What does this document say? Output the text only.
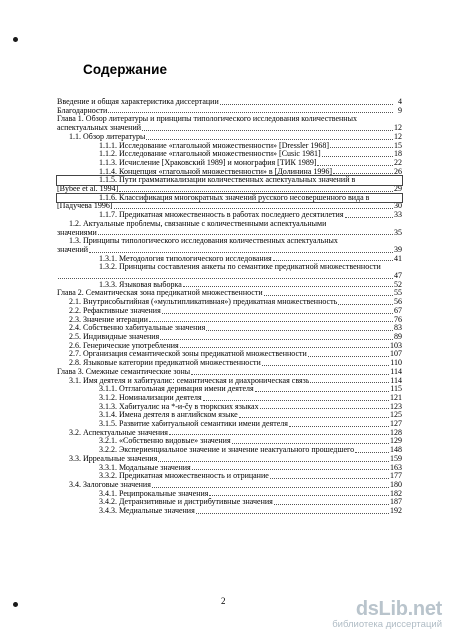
Содержание
Введение и общая характеристика диссертации	4
Благодарности	9
Глава 1. Обзор литературы и принципы типологического исследования количественных
аспектуальных значений	12
1.1. Обзор литературы	12
1.1.1. Исследование «глагольной множественности» [Dressler 1968]	15
1.1.2. Исследование «глагольной множественности» [Cusic 1981]	18
1.1.3. Исчисление [Храковский 1989] и монография [ТИК 1989]	22
1.1.4. Концепция «глагольной множественности» в [Долинина 1996]	26
1.1.5. Пути грамматикализации количественных аспектуальных значений в
[Bybee et al. 1994]	29
1.1.6. Классификация многократных значений русского несовершенного вида в
[Падучева 1996]	30
1.1.7. Предикатная множественность в работах последнего десятилетия	33
1.2. Актуальные проблемы, связанные с количественными аспектуальными
значениями	35
1.3. Принципы типологического исследования количественных аспектуальных
значений	39
1.3.1. Методология типологического исследования	41
1.3.2. Принципы составления анкеты по семантике предикатной множественности
47
1.3.3. Языковая выборка	52
Глава 2. Семантическая зона предикатной множественности	55
2.1. Внутрисобытийная («мультипликативная») предикатная множественность	56
2.2. Рефактивные значения	67
2.3. Значение итерации	76
2.4. Собственно хабитуальные значения	83
2.5. Индивидные значения	89
2.6. Генерические употребления	103
2.7. Организация семантической зоны предикатной множественности	107
2.8. Языковые категории предикатной множественности	110
Глава 3. Смежные семантические зоны	114
3.1. Имя деятеля и хабитуалис: семантическая и диахроническая связь	114
3.1.1. Отглагольная деривация имени деятеля	115
3.1.2. Номинализации деятеля	121
3.1.3. Хабитуалис на *-и-čу в тюркских языках	123
3.1.4. Имена деятеля в английском языке	125
3.1.5. Развитие хабитуальной семантики имени деятеля	127
3.2. Аспектуальные значения	128
3.2.1. «Собственно видовые» значения	129
3.2.2. Экспериенциальное значение и значение неактуального прошедшего	148
3.3. Ирреальные значения	159
3.3.1. Модальные значения	163
3.3.2. Предикатная множественность и отрицание	177
3.4. Залоговые значения	180
3.4.1. Реципрокальные значения	182
3.4.2. Детранзитивные и дистрибутивные значения	187
3.4.3. Медиальные значения	192
2	dsLib.net
библиотека диссертаций
